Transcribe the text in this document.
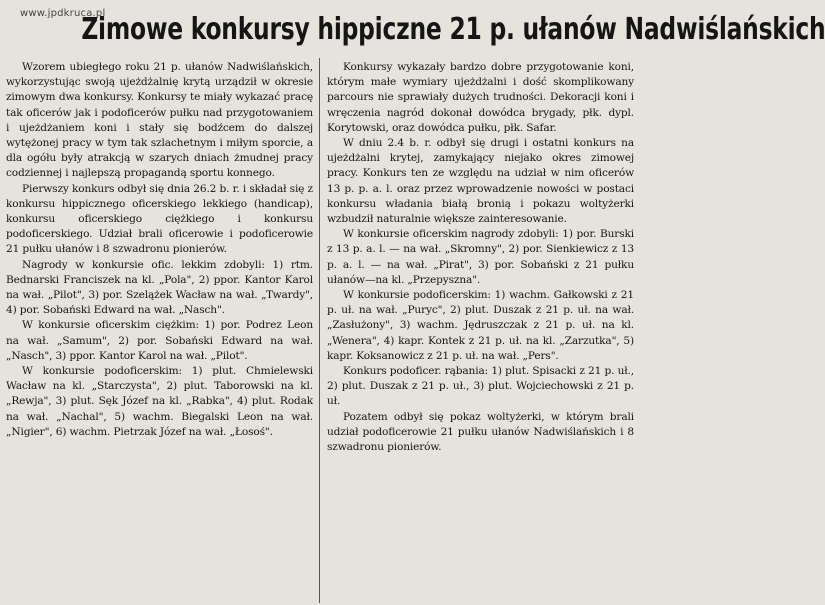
Zimowe konkursy hippiczne 21 p. ułanów Nadwiślańskich
www.jpdkruca.pl

Wzorem ubiegłego roku 21 p. ułanów Nadwiślańskich, wykorzystując swoją ujeżdżalnię krytą urządził w okresie zimowym dwa konkursy. Konkursy te miały wykazać pracę tak oficerów jak i podoficerów pułku nad przygotowaniem i ujeżdżaniem koni i stały się bodźcem do dalszej wytężonej pracy w tym tak szlachetnym i miłym sporcie, a dla ogółu były atrakcją w szarych dniach żmudnej pracy codziennej i najlepszą propagandą sportu konnego.

Pierwszy konkurs odbył się dnia 26.2 b. r. i składał się z konkursu hippicznego oficerskiego lekkiego (handicap), konkursu oficerskiego ciężkiego i konkursu podoficerskiego. Udział brali oficerowie i podoficerowie 21 pułku ułanów i 8 szwadronu pionierów.

Nagrody w konkursie ofic. lekkim zdobyli: 1) rtm. Bednarski Franciszek na kl. „Pola", 2) ppor. Kantor Karol na wał. „Pilot", 3) por. Szelążek Wacław na wał. „Twardy", 4) por. Sobański Edward na wał. „Nasch".

W konkursie oficerskim ciężkim: 1) por. Podrez Leon na wał. „Samum", 2) por. Sobański Edward na wał. „Nasch", 3) ppor. Kantor Karol na wał. „Pilot".

W konkursie podoficerskim: 1) plut. Chmielewski Wacław na kl. „Starczysta", 2) plut. Taborowski na kl. „Rewja", 3) plut. Sęk Józef na kl. „Rabka", 4) plut. Rodak na wał. „Nachal", 5) wachm. Biegalski Leon na wał. „Nigier", 6) wachm. Pietrzak Józef na wał. „Łosoś".

Konkursy wykazały bardzo dobre przygotowanie koni, którym małe wymiary ujeżdżalni i dość skomplikowany parcours nie sprawiały dużych trudności. Dekoracji koni i wręczenia nagród dokonał dowódca brygady, płk. dypl. Korytowski, oraz dowódca pułku, płk. Safar.

W dniu 2.4 b. r. odbył się drugi i ostatni konkurs na ujeżdżalni krytej, zamykający niejako okres zimowej pracy. Konkurs ten ze względu na udział w nim oficerów 13 p. p. a. l. oraz przez wprowadzenie nowości w postaci konkursu władania białą bronią i pokazu woltyżerki wzbudził naturalnie większe zainteresowanie.

W konkursie oficerskim nagrody zdobyli: 1) por. Burski z 13 p. a. l. — na wał. „Skromny", 2) por. Sienkiewicz z 13 p. a. l. — na wał. „Pirat", 3) por. Sobański z 21 pułku ułanów—na kl. „Przepyszna".

W konkursie podoficerskim: 1) wachm. Gałkowski z 21 p. uł. na wał. „Puryc", 2) plut. Duszak z 21 p. uł. na wał. „Zasłużony", 3) wachm. Jędruszczak z 21 p. uł. na kl. „Wenera", 4) kapr. Kontek z 21 p. uł. na kl. „Zarzutka", 5) kapr. Koksanowicz z 21 p. uł. na wał. „Pers".

Konkurs podoficer. rąbania: 1) plut. Spisacki z 21 p. uł., 2) plut. Duszak z 21 p. uł., 3) plut. Wojciechowski z 21 p. uł.

Pozatem odbył się pokaz woltyżerki, w którym brali udział podoficerowie 21 pułku ułanów Nadwiślańskich i 8 szwadronu pionierów.
